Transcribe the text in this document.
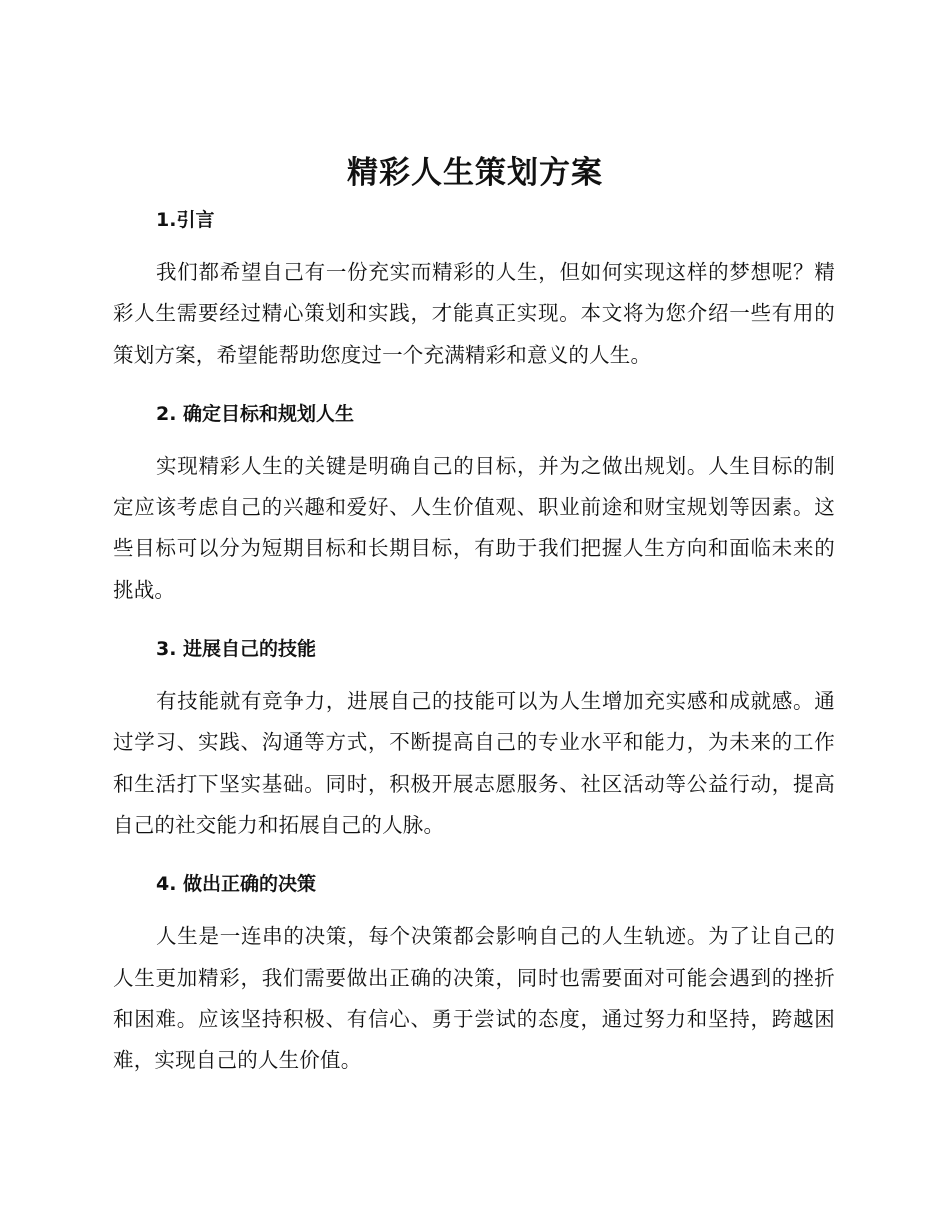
精彩人生策划方案
1.引言

我们都希望自己有一份充实而精彩的人生，但如何实现这样的梦想呢？精彩人生需要经过精心策划和实践，才能真正实现。本文将为您介绍一些有用的策划方案，希望能帮助您度过一个充满精彩和意义的人生。

2. 确定目标和规划人生

实现精彩人生的关键是明确自己的目标，并为之做出规划。人生目标的制定应该考虑自己的兴趣和爱好、人生价值观、职业前途和财宝规划等因素。这些目标可以分为短期目标和长期目标，有助于我们把握人生方向和面临未来的挑战。

3. 进展自己的技能

有技能就有竞争力，进展自己的技能可以为人生增加充实感和成就感。通过学习、实践、沟通等方式，不断提高自己的专业水平和能力，为未来的工作和生活打下坚实基础。同时，积极开展志愿服务、社区活动等公益行动，提高自己的社交能力和拓展自己的人脉。

4. 做出正确的决策

人生是一连串的决策，每个决策都会影响自己的人生轨迹。为了让自己的人生更加精彩，我们需要做出正确的决策，同时也需要面对可能会遇到的挫折和困难。应该坚持积极、有信心、勇于尝试的态度，通过努力和坚持，跨越困难，实现自己的人生价值。
